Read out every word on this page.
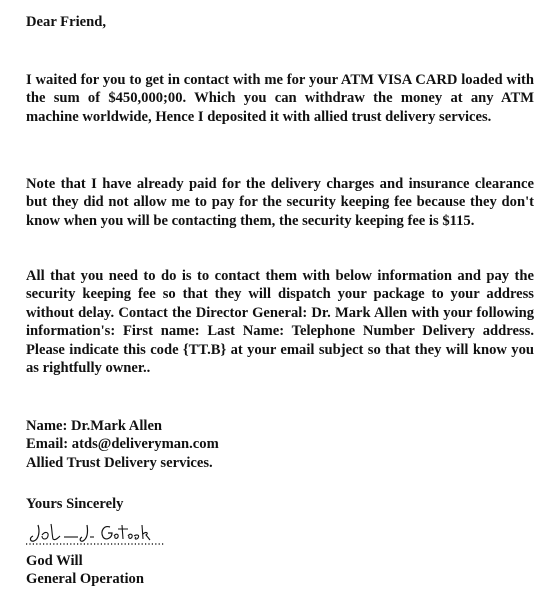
Dear Friend,

I waited for you to get in contact with me for your ATM VISA CARD loaded with the sum of $450,000;00. Which you can withdraw the money at any ATM machine worldwide, Hence I deposited it with allied trust delivery services.

Note that I have already paid for the delivery charges and insurance clearance but they did not allow me to pay for the security keeping fee because they don't know when you will be contacting them, the security keeping fee is $115.

All that you need to do is to contact them with below information and pay the security keeping fee so that they will dispatch your package to your address without delay. Contact the Director General: Dr. Mark Allen with your following information's: First name: Last Name: Telephone Number Delivery address. Please indicate this code {TT.B} at your email subject so that they will know you as rightfully owner..

Name: Dr.Mark Allen
Email: atds@deliveryman.com
Allied Trust Delivery services.

Yours Sincerely

God Will
General Operation
